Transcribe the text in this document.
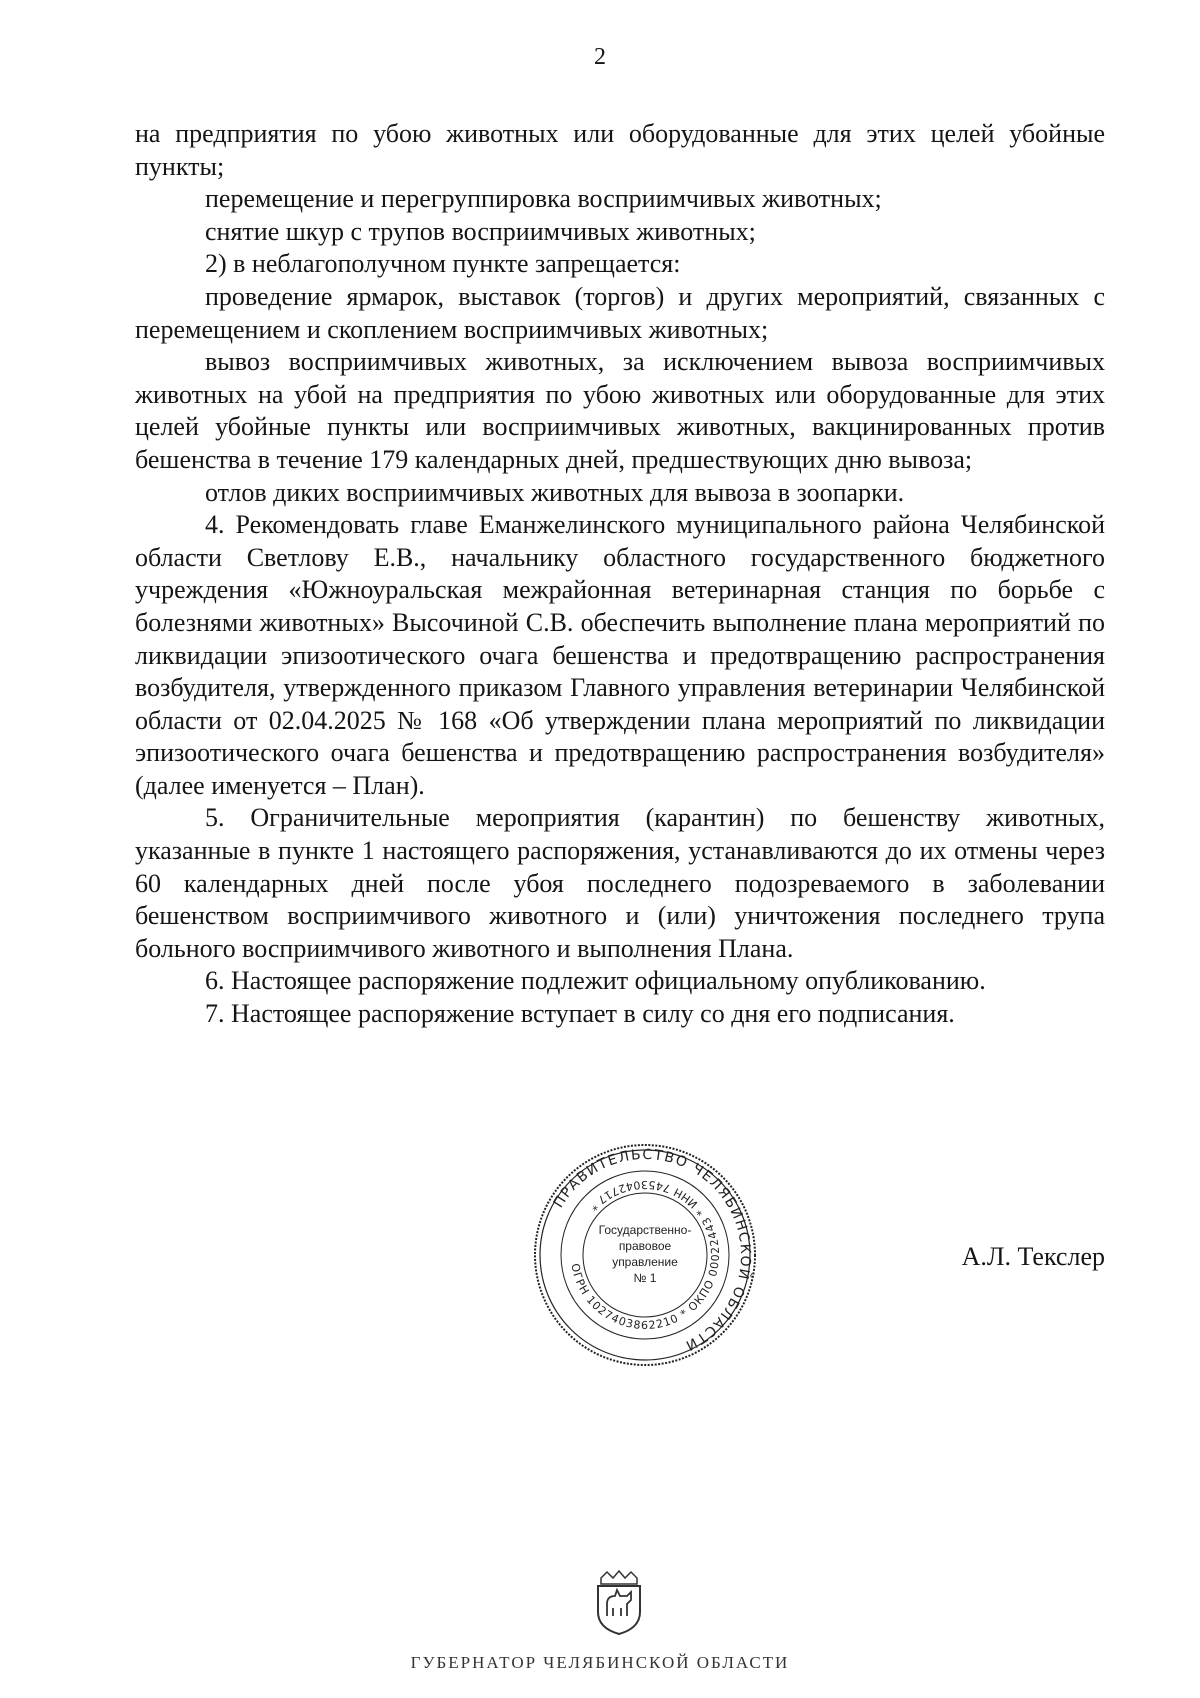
2

на предприятия по убою животных или оборудованные для этих целей убойные пункты;

перемещение и перегруппировка восприимчивых животных;

снятие шкур с трупов восприимчивых животных;

2) в неблагополучном пункте запрещается:

проведение ярмарок, выставок (торгов) и других мероприятий, связанных с перемещением и скоплением восприимчивых животных;

вывоз восприимчивых животных, за исключением вывоза восприимчивых животных на убой на предприятия по убою животных или оборудованные для этих целей убойные пункты или восприимчивых животных, вакцинированных против бешенства в течение 179 календарных дней, предшествующих дню вывоза;

отлов диких восприимчивых животных для вывоза в зоопарки.

4. Рекомендовать главе Еманжелинского муниципального района Челябинской области Светлову Е.В., начальнику областного государственного бюджетного учреждения «Южноуральская межрайонная ветеринарная станция по борьбе с болезнями животных» Высочиной С.В. обеспечить выполнение плана мероприятий по ликвидации эпизоотического очага бешенства и предотвращению распространения возбудителя, утвержденного приказом Главного управления ветеринарии Челябинской области от 02.04.2025 № 168 «Об утверждении плана мероприятий по ликвидации эпизоотического очага бешенства и предотвращению распространения возбудителя» (далее именуется – План).

5. Ограничительные мероприятия (карантин) по бешенству животных, указанные в пункте 1 настоящего распоряжения, устанавливаются до их отмены через 60 календарных дней после убоя последнего подозреваемого в заболевании бешенством восприимчивого животного и (или) уничтожения последнего трупа больного восприимчивого животного и выполнения Плана.

6. Настоящее распоряжение подлежит официальному опубликованию.

7. Настоящее распоряжение вступает в силу со дня его подписания.

ПРАВИТЕЛЬСТВО ЧЕЛЯБИНСКОЙ ОБЛАСТИ
ОГРН 1027403862210 * ОКПО 00022443 * ИНН 7453042717 *
Государственно-
правовое
управление
№ 1
А.Л. Текслер
ГУБЕРНАТОР ЧЕЛЯБИНСКОЙ ОБЛАСТИ
